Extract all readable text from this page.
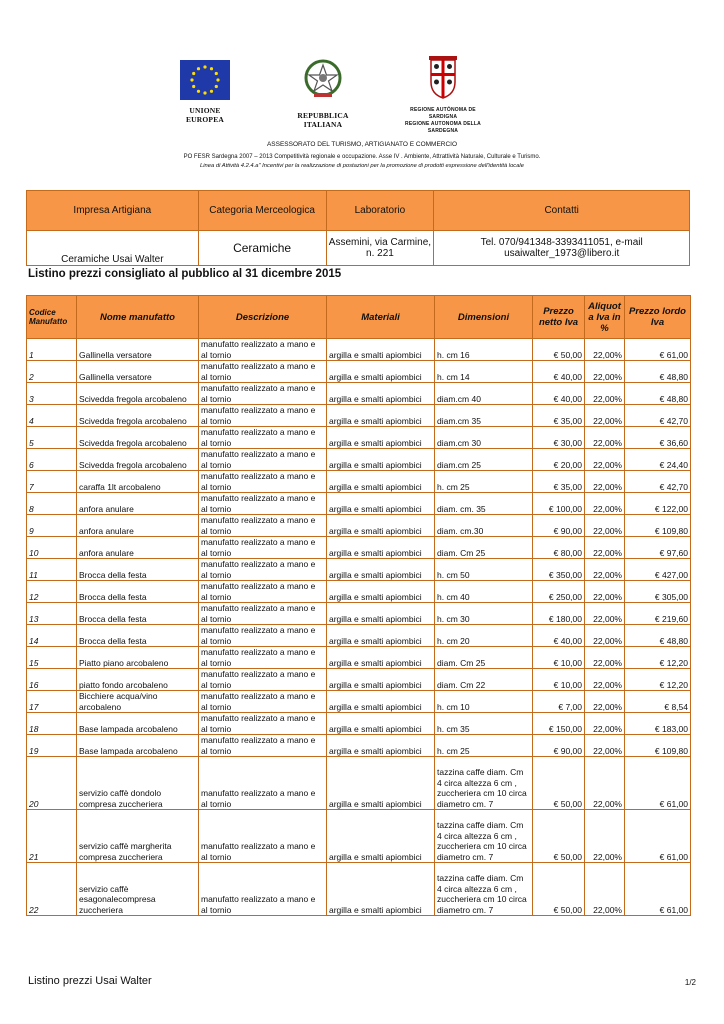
UNIONE EUROPEA	REPUBBLICA ITALIANA
REGIONE AUTÒNOMA DE SARDIGNA
REGIONE AUTONOMA DELLA SARDEGNA
ASSESSORATO DEL TURISMO, ARTIGIANATO E COMMERCIO
PO FESR Sardegna 2007 – 2013 Competitività regionale e occupazione. Asse IV . Ambiente, Attrattività Naturale, Culturale e Turismo.
Linea di Attività 4.2.4.a" Incentivi per la realizzazione di postazioni per la promozione di prodotti espressione dell'identità locale
Impresa Artigiana	Categoria Merceologica	Laboratorio	Contatti
Ceramiche Usai Walter	Ceramiche	Assemini, via Carmine, n. 221	Tel. 070/941348-3393411051, e-mail usaiwalter_1973@libero.it
Listino prezzi consigliato al pubblico al 31 dicembre 2015
Codice Manufatto	Nome manufatto	Descrizione	Materiali	Dimensioni	Prezzo netto Iva	Aliquot a Iva in %	Prezzo lordo Iva
1	Gallinella versatore	manufatto realizzato a mano e al tornio	argilla e smalti apiombici	h. cm 16	€ 50,00	22,00%	€ 61,00
2	Gallinella versatore	manufatto realizzato a mano e al tornio	argilla e smalti apiombici	h. cm 14	€ 40,00	22,00%	€ 48,80
3	Scivedda fregola arcobaleno	manufatto realizzato a mano e al tornio	argilla e smalti apiombici	diam.cm 40	€ 40,00	22,00%	€ 48,80
4	Scivedda fregola arcobaleno	manufatto realizzato a mano e al tornio	argilla e smalti apiombici	diam.cm 35	€ 35,00	22,00%	€ 42,70
5	Scivedda fregola arcobaleno	manufatto realizzato a mano e al tornio	argilla e smalti apiombici	diam.cm 30	€ 30,00	22,00%	€ 36,60
6	Scivedda fregola arcobaleno	manufatto realizzato a mano e al tornio	argilla e smalti apiombici	diam.cm 25	€ 20,00	22,00%	€ 24,40
7	caraffa 1lt arcobaleno	manufatto realizzato a mano e al tornio	argilla e smalti apiombici	h. cm 25	€ 35,00	22,00%	€ 42,70
8	anfora anulare	manufatto realizzato a mano e al tornio	argilla e smalti apiombici	diam. cm. 35	€ 100,00	22,00%	€ 122,00
9	anfora anulare	manufatto realizzato a mano e al tornio	argilla e smalti apiombici	diam. cm.30	€ 90,00	22,00%	€ 109,80
10	anfora anulare	manufatto realizzato a mano e al tornio	argilla e smalti apiombici	diam. Cm 25	€ 80,00	22,00%	€ 97,60
11	Brocca della festa	manufatto realizzato a mano e al tornio	argilla e smalti apiombici	h. cm 50	€ 350,00	22,00%	€ 427,00
12	Brocca della festa	manufatto realizzato a mano e al tornio	argilla e smalti apiombici	h. cm 40	€ 250,00	22,00%	€ 305,00
13	Brocca della festa	manufatto realizzato a mano e al tornio	argilla e smalti apiombici	h. cm 30	€ 180,00	22,00%	€ 219,60
14	Brocca della festa	manufatto realizzato a mano e al tornio	argilla e smalti apiombici	h. cm 20	€ 40,00	22,00%	€ 48,80
15	Piatto piano arcobaleno	manufatto realizzato a mano e al tornio	argilla e smalti apiombici	diam. Cm 25	€ 10,00	22,00%	€ 12,20
16	piatto fondo arcobaleno	manufatto realizzato a mano e al tornio	argilla e smalti apiombici	diam. Cm 22	€ 10,00	22,00%	€ 12,20
17	Bicchiere acqua/vino arcobaleno	manufatto realizzato a mano e al tornio	argilla e smalti apiombici	h. cm 10	€ 7,00	22,00%	€ 8,54
18	Base lampada arcobaleno	manufatto realizzato a mano e al tornio	argilla e smalti apiombici	h. cm 35	€ 150,00	22,00%	€ 183,00
19	Base lampada arcobaleno	manufatto realizzato a mano e al tornio	argilla e smalti apiombici	h. cm 25	€ 90,00	22,00%	€ 109,80
20	servizio caffè dondolo compresa zuccheriera	manufatto realizzato a mano e al tornio	argilla e smalti apiombici	tazzina caffe diam. Cm 4 circa altezza 6 cm , zuccheriera cm 10 circa diametro cm. 7	€ 50,00	22,00%	€ 61,00
21	servizio caffè margherita compresa zuccheriera	manufatto realizzato a mano e al tornio	argilla e smalti apiombici	tazzina caffe diam. Cm 4 circa altezza 6 cm , zuccheriera cm 10 circa diametro cm. 7	€ 50,00	22,00%	€ 61,00
22	servizio caffè esagonalecompresa zuccheriera	manufatto realizzato a mano e al tornio	argilla e smalti apiombici	tazzina caffe diam. Cm 4 circa altezza 6 cm , zuccheriera cm 10 circa diametro cm. 7	€ 50,00	22,00%	€ 61,00
Listino prezzi Usai Walter	1/2
